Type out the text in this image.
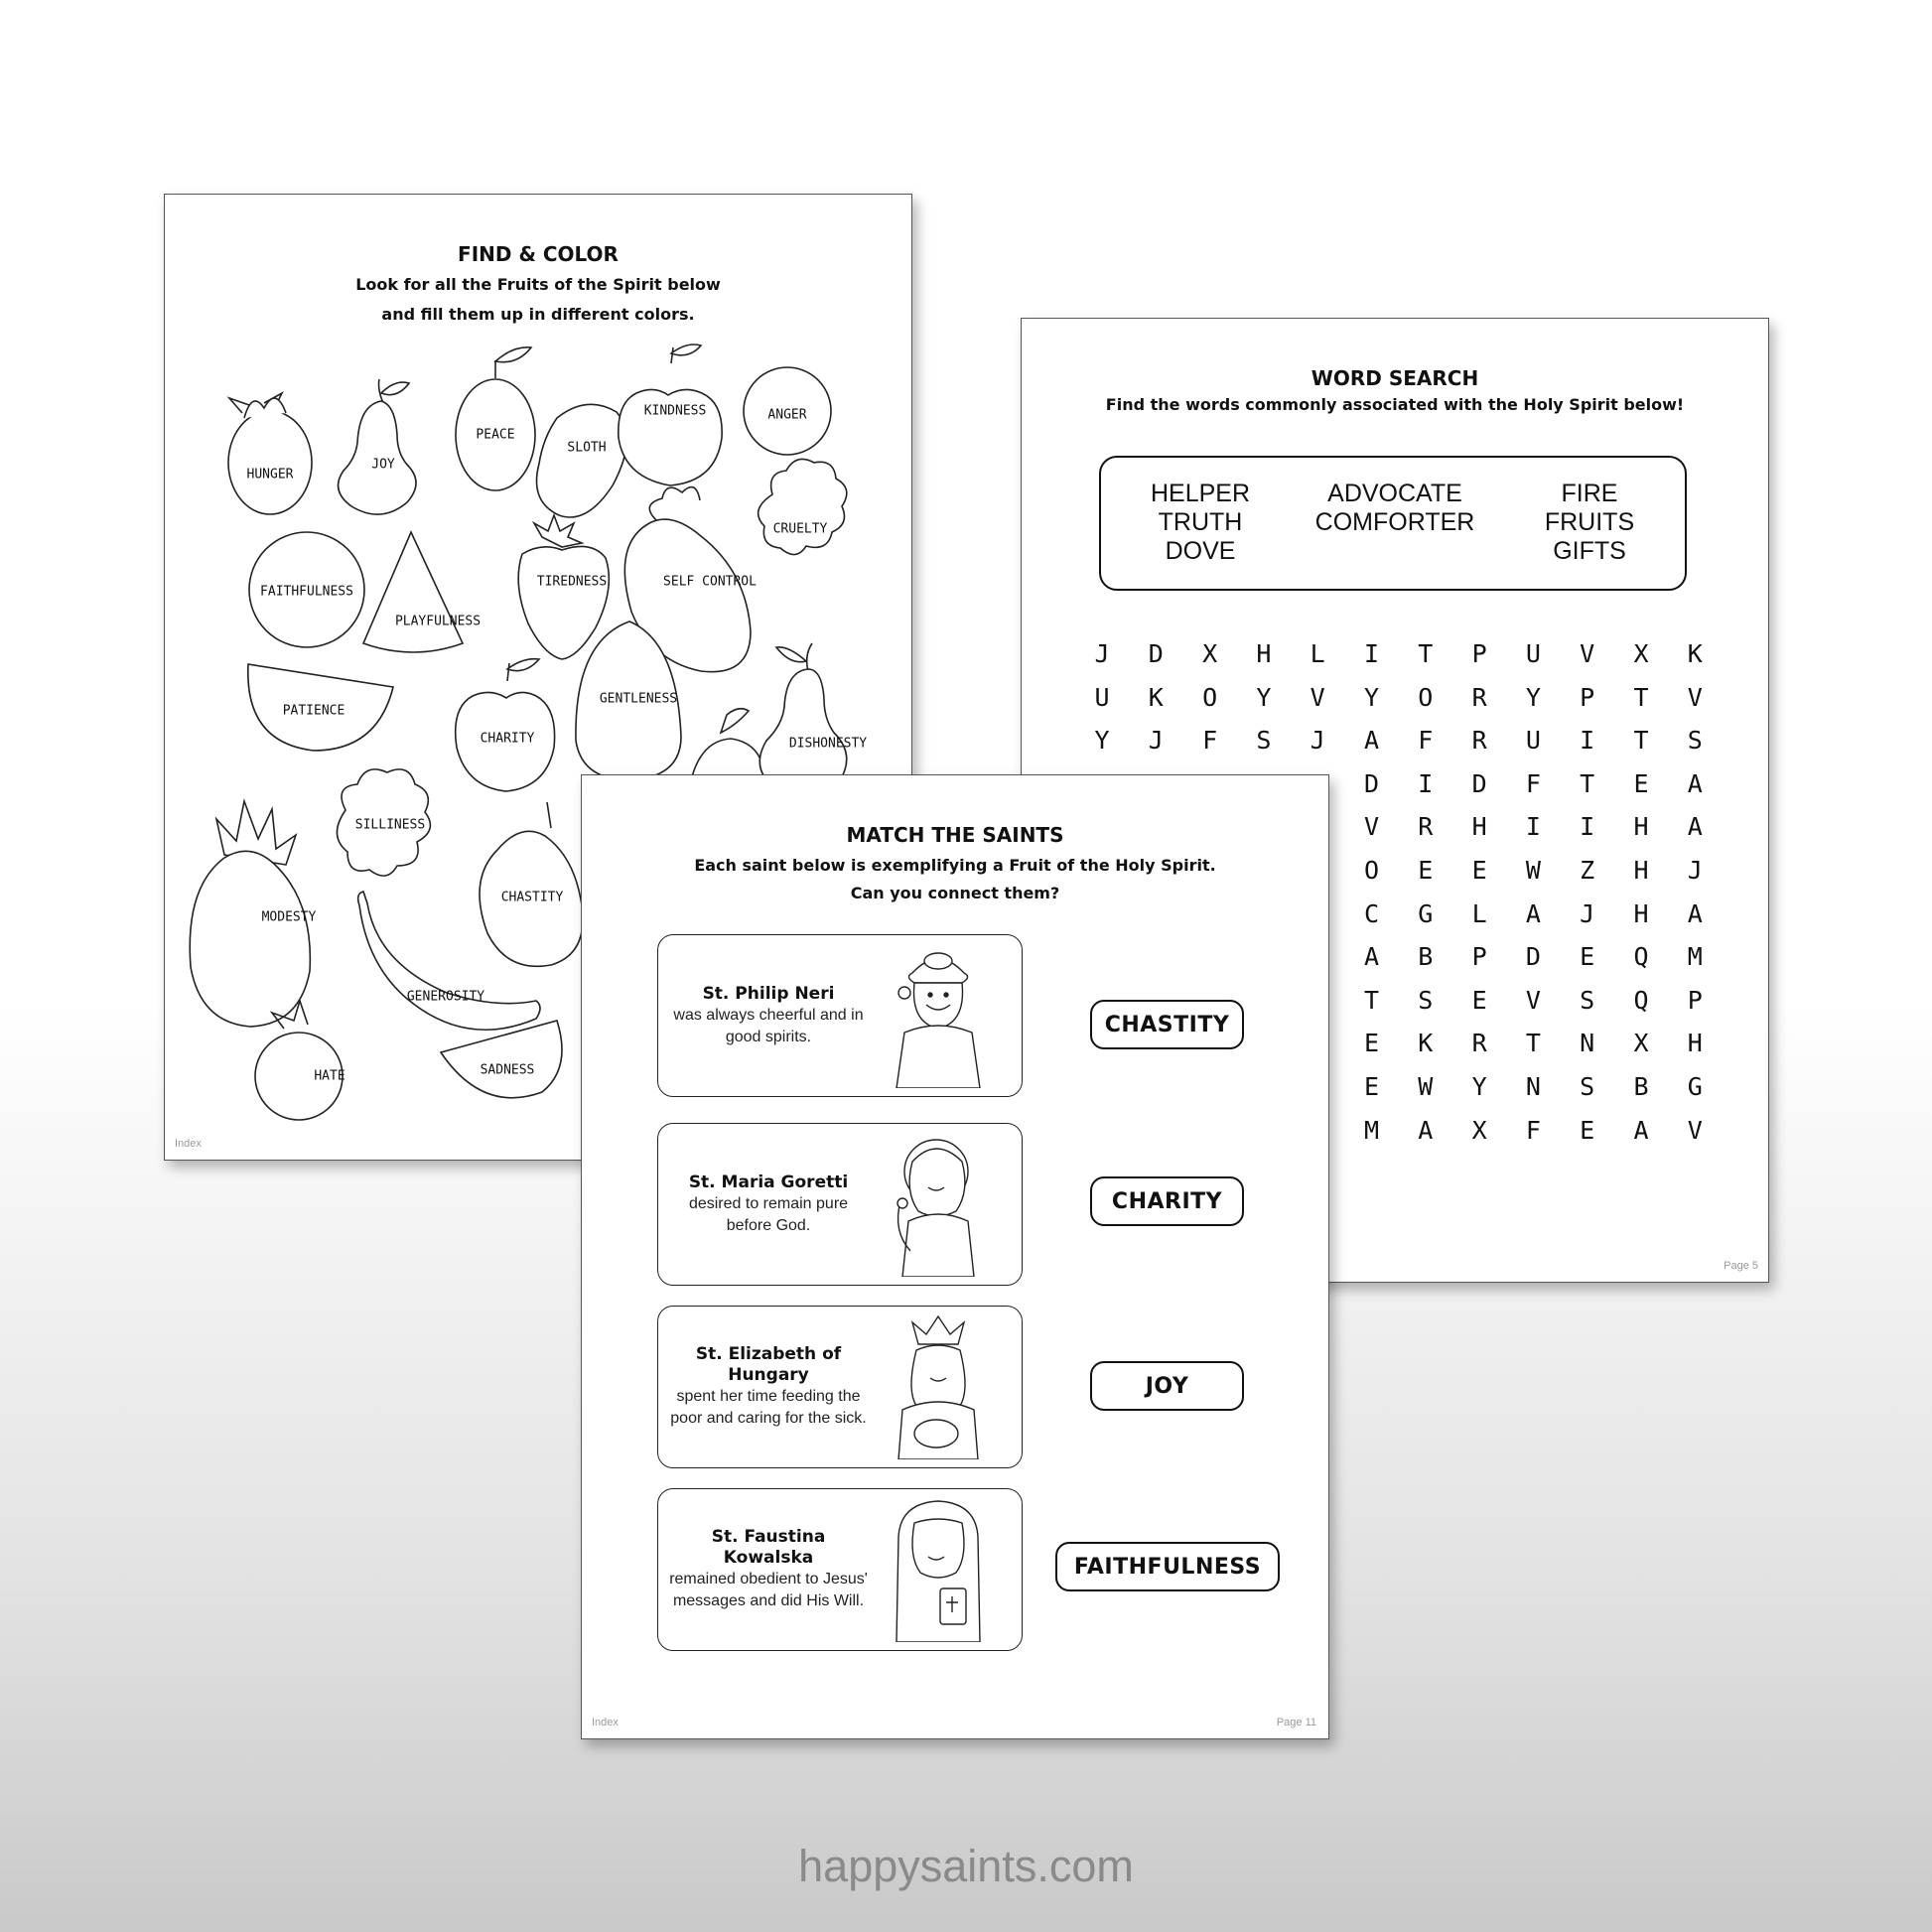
FIND & COLOR
Look for all the Fruits of the Spirit below
and fill them up in different colors.
HUNGER
JOY
PEACE
SLOTH
KINDNESS	ANGER
CRUELTY
FAITHFULNESS
PLAYFULNESS
TIREDNESS	SELF CONTROL
PATIENCE
CHARITY
GENTLENESS
DISHONESTY
SILLINESS
MODESTY
CHASTITY
GENEROSITY
HATE	SADNESS
Index
WORD SEARCH
Find the words commonly associated with the Holy Spirit below!
HELPER
TRUTH
DOVE
ADVOCATE
COMFORTER
FIRE
FRUITS
GIFTS
J	D	X	H	L	I	T	P	U	V	X	K
U	K	O	Y	V	Y	O	R	Y	P	T	V
Y	J	F	S	J	A	F	R	U	I	T	S
D	I	D	F	T	E	A
V	R	H	I	I	H	A
O	E	E	W	Z	H	J
C	G	L	A	J	H	A
A	B	P	D	E	Q	M
T	S	E	V	S	Q	P
E	K	R	T	N	X	H
E	W	Y	N	S	B	G
M	A	X	F	E	A	V
Page 5
MATCH THE SAINTS
Each saint below is exemplifying a Fruit of the Holy Spirit.
Can you connect them?
St. Philip Neri
was always cheerful and in good spirits.
St. Maria Goretti
desired to remain pure before God.
St. Elizabeth of Hungary
spent her time feeding the poor and caring for the sick.
St. Faustina Kowalska
remained obedient to Jesus' messages and did His Will.
CHASTITY
CHARITY
JOY
FAITHFULNESS
Index	Page 11
happysaints.com
